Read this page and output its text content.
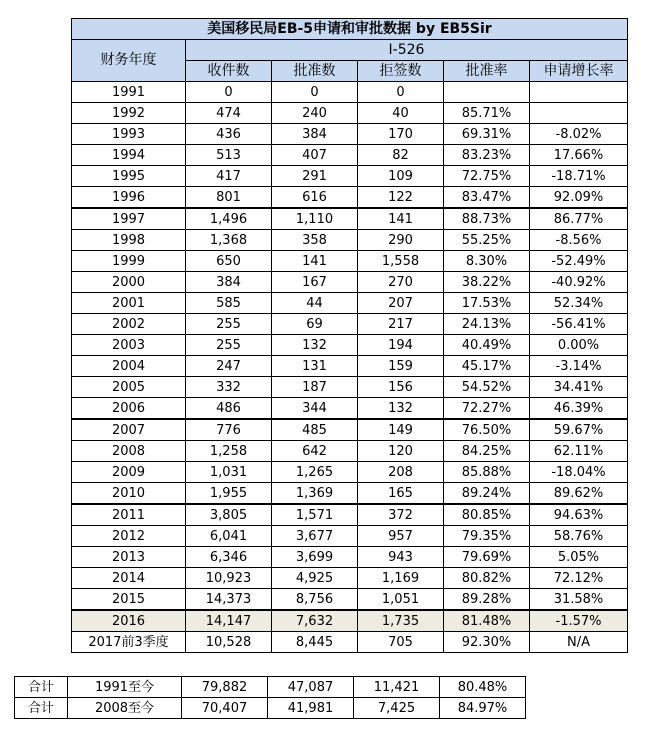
美国移民局EB-5申请和审批数据 by EB5Sir					
财务年度	I-526				
	收件数	批准数	拒签数	批准率	申请增长率
1991	0	0	0		
1992	474	240	40	85.71%	
1993	436	384	170	69.31%	-8.02%
1994	513	407	82	83.23%	17.66%
1995	417	291	109	72.75%	-18.71%
1996	801	616	122	83.47%	92.09%
1997	1,496	1,110	141	88.73%	86.77%
1998	1,368	358	290	55.25%	-8.56%
1999	650	141	1,558	8.30%	-52.49%
2000	384	167	270	38.22%	-40.92%
2001	585	44	207	17.53%	52.34%
2002	255	69	217	24.13%	-56.41%
2003	255	132	194	40.49%	0.00%
2004	247	131	159	45.17%	-3.14%
2005	332	187	156	54.52%	34.41%
2006	486	344	132	72.27%	46.39%
2007	776	485	149	76.50%	59.67%
2008	1,258	642	120	84.25%	62.11%
2009	1,031	1,265	208	85.88%	-18.04%
2010	1,955	1,369	165	89.24%	89.62%
2011	3,805	1,571	372	80.85%	94.63%
2012	6,041	3,677	957	79.35%	58.76%
2013	6,346	3,699	943	79.69%	5.05%
2014	10,923	4,925	1,169	80.82%	72.12%
2015	14,373	8,756	1,051	89.28%	31.58%
2016	14,147	7,632	1,735	81.48%	-1.57%
2017前3季度	10,528	8,445	705	92.30%	N/A
合计	1991至今	79,882	47,087	11,421	80.48%
合计	2008至今	70,407	41,981	7,425	84.97%
